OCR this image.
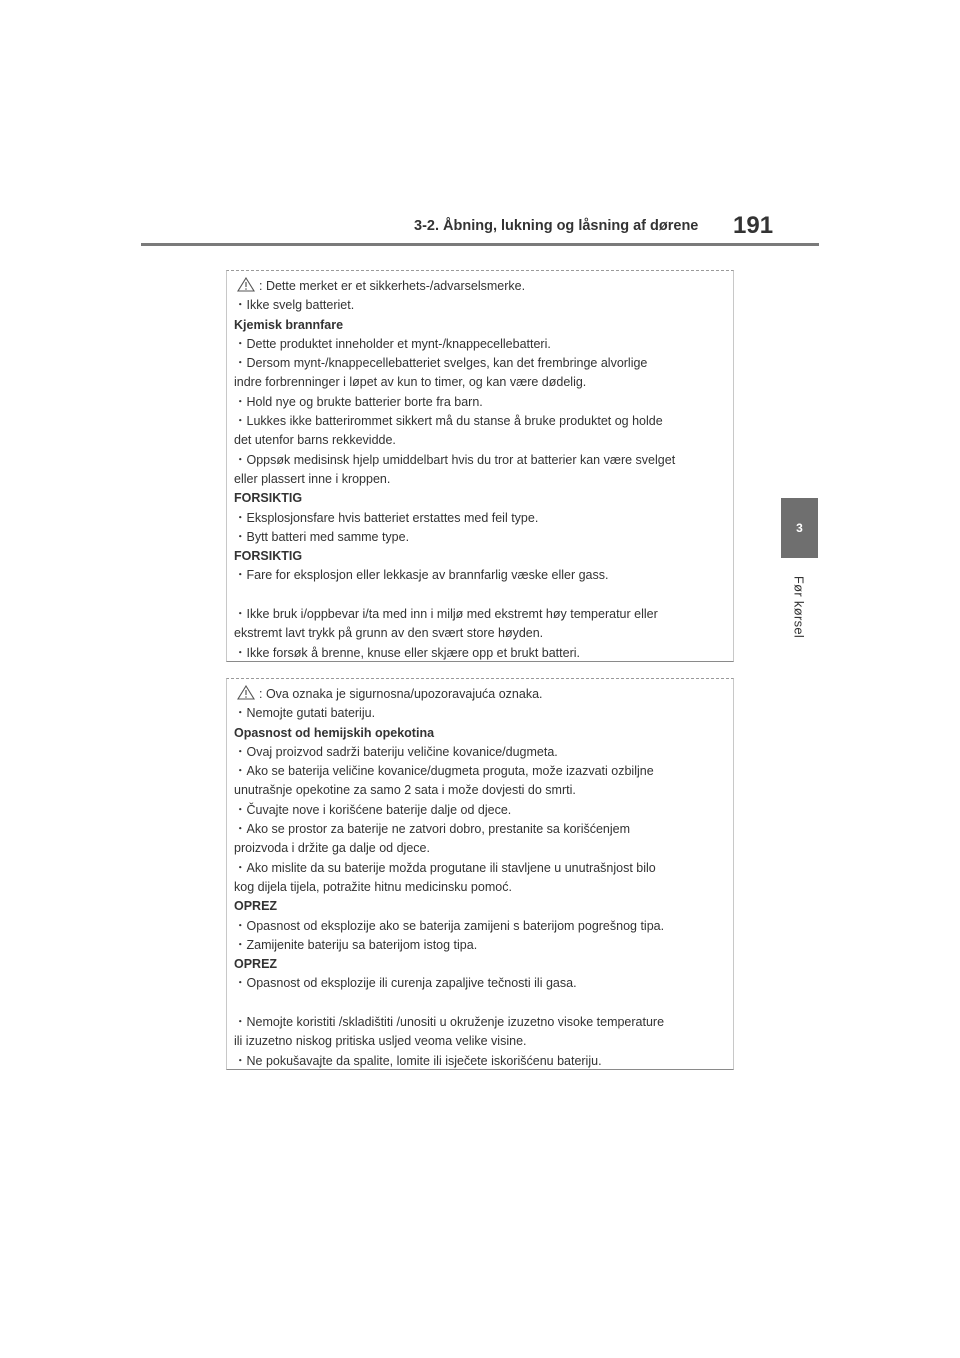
3-2. Åbning, lukning og låsning af dørene 191
3
Før kørsel
: Dette merket er et sikkerhets-/advarselsmerke.
・Ikke svelg batteriet.
Kjemisk brannfare
・Dette produktet inneholder et mynt-/knappecellebatteri.
・Dersom mynt-/knappecellebatteriet svelges, kan det frembringe alvorlige
indre forbrenninger i løpet av kun to timer, og kan være dødelig.
・Hold nye og brukte batterier borte fra barn.
・Lukkes ikke batterirommet sikkert må du stanse å bruke produktet og holde
det utenfor barns rekkevidde.
・Oppsøk medisinsk hjelp umiddelbart hvis du tror at batterier kan være svelget
eller plassert inne i kroppen.
FORSIKTIG
・Eksplosjonsfare hvis batteriet erstattes med feil type.
・Bytt batteri med samme type.
FORSIKTIG
・Fare for eksplosjon eller lekkasje av brannfarlig væske eller gass.
・Ikke bruk i/oppbevar i/ta med inn i miljø med ekstremt høy temperatur eller
ekstremt lavt trykk på grunn av den svært store høyden.
・Ikke forsøk å brenne, knuse eller skjære opp et brukt batteri.
: Ova oznaka je sigurnosna/upozoravajuća oznaka.
・Nemojte gutati bateriju.
Opasnost od hemijskih opekotina
・Ovaj proizvod sadrži bateriju veličine kovanice/dugmeta.
・Ako se baterija veličine kovanice/dugmeta proguta, može izazvati ozbiljne
unutrašnje opekotine za samo 2 sata i može dovjesti do smrti.
・Čuvajte nove i korišćene baterije dalje od djece.
・Ako se prostor za baterije ne zatvori dobro, prestanite sa korišćenjem
proizvoda i držite ga dalje od djece.
・Ako mislite da su baterije možda progutane ili stavljene u unutrašnjost bilo
kog dijela tijela, potražite hitnu medicinsku pomoć.
OPREZ
・Opasnost od eksplozije ako se baterija zamijeni s baterijom pogrešnog tipa.
・Zamijenite bateriju sa baterijom istog tipa.
OPREZ
・Opasnost od eksplozije ili curenja zapaljive tečnosti ili gasa.
・Nemojte koristiti /skladištiti /unositi u okruženje izuzetno visoke temperature
ili izuzetno niskog pritiska usljed veoma velike visine.
・Ne pokušavajte da spalite, lomite ili isječete iskorišćenu bateriju.
